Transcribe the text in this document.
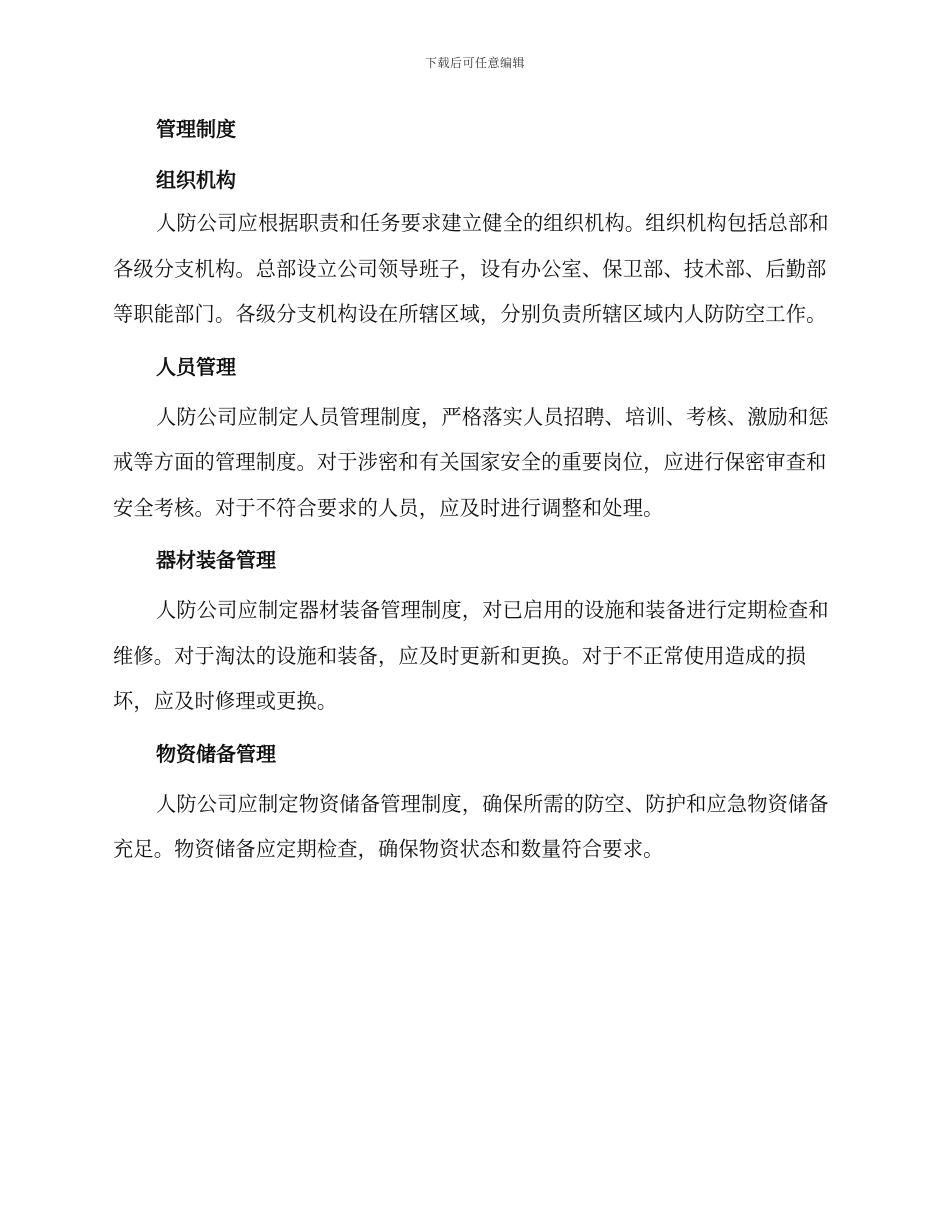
下载后可任意编辑
管理制度
组织机构

人防公司应根据职责和任务要求建立健全的组织机构。组织机构包括总部和各级分支机构。总部设立公司领导班子，设有办公室、保卫部、技术部、后勤部等职能部门。各级分支机构设在所辖区域，分别负责所辖区域内人防防空工作。

人员管理

人防公司应制定人员管理制度，严格落实人员招聘、培训、考核、激励和惩戒等方面的管理制度。对于涉密和有关国家安全的重要岗位，应进行保密审查和安全考核。对于不符合要求的人员，应及时进行调整和处理。

器材装备管理

人防公司应制定器材装备管理制度，对已启用的设施和装备进行定期检查和维修。对于淘汰的设施和装备，应及时更新和更换。对于不正常使用造成的损坏，应及时修理或更换。

物资储备管理

人防公司应制定物资储备管理制度，确保所需的防空、防护和应急物资储备充足。物资储备应定期检查，确保物资状态和数量符合要求。
